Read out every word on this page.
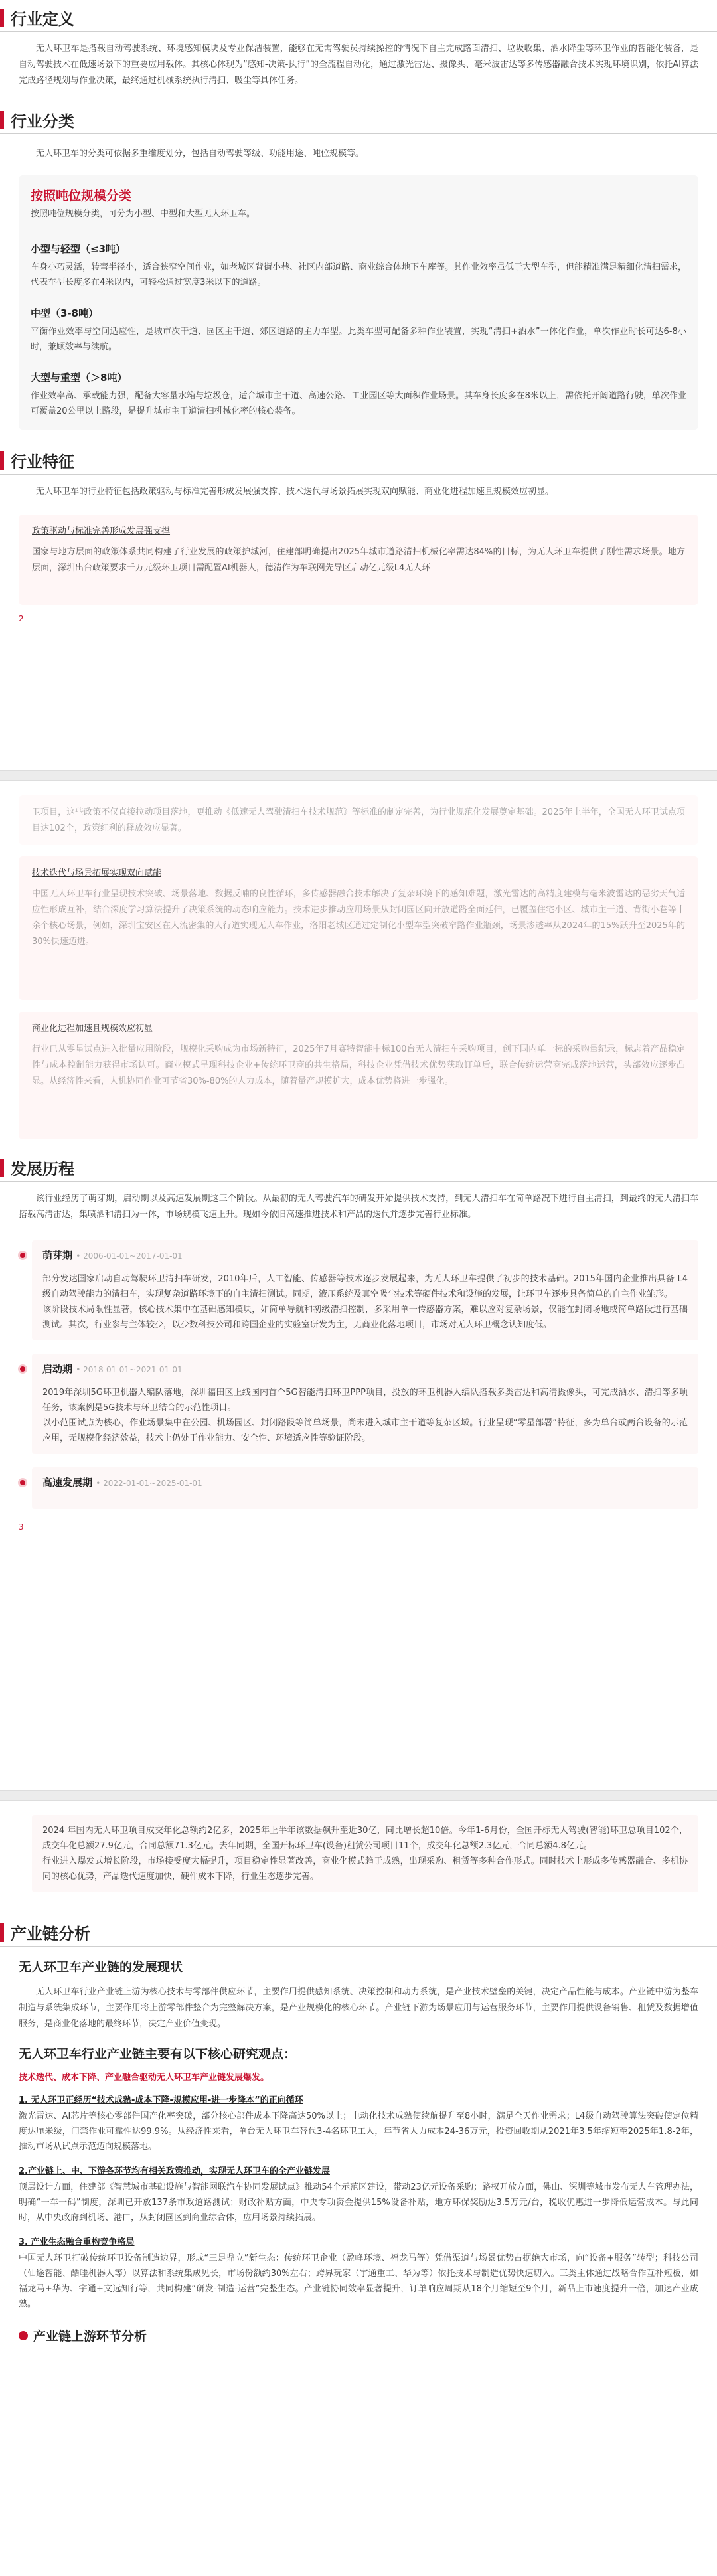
行业定义

无人环卫车是搭载自动驾驶系统、环境感知模块及专业保洁装置，能够在无需驾驶员持续操控的情况下自主完成路面清扫、垃圾收集、洒水降尘等环卫作业的智能化装备，是自动驾驶技术在低速场景下的重要应用载体。其核心体现为“感知-决策-执行”的全流程自动化，通过激光雷达、摄像头、毫米波雷达等多传感器融合技术实现环境识别，依托AI算法完成路径规划与作业决策，最终通过机械系统执行清扫、吸尘等具体任务。

行业分类

无人环卫车的分类可依据多重维度划分，包括自动驾驶等级、功能用途、吨位规模等。

按照吨位规模分类
按照吨位规模分类，可分为小型、中型和大型无人环卫车。
小型与轻型（≤3吨）
车身小巧灵活，转弯半径小，适合狭窄空间作业，如老城区背街小巷、社区内部道路、商业综合体地下车库等。其作业效率虽低于大型车型，但能精准满足精细化清扫需求，代表车型长度多在4米以内，可轻松通过宽度3米以下的道路。
中型（3-8吨）
平衡作业效率与空间适应性，是城市次干道、园区主干道、郊区道路的主力车型。此类车型可配备多种作业装置，实现“清扫+洒水”一体化作业，单次作业时长可达6-8小时，兼顾效率与续航。
大型与重型（＞8吨）
作业效率高、承载能力强，配备大容量水箱与垃圾仓，适合城市主干道、高速公路、工业园区等大面积作业场景。其车身长度多在8米以上，需依托开阔道路行驶，单次作业可覆盖20公里以上路段，是提升城市主干道清扫机械化率的核心装备。
行业特征

无人环卫车的行业特征包括政策驱动与标准完善形成发展强支撑、技术迭代与场景拓展实现双向赋能、商业化进程加速且规模效应初显。

政策驱动与标准完善形成发展强支撑
国家与地方层面的政策体系共同构建了行业发展的政策护城河，住建部明确提出2025年城市道路清扫机械化率需达84%的目标，为无人环卫车提供了刚性需求场景。地方层面，深圳出台政策要求千万元级环卫项目需配置AI机器人，德清作为车联网先导区启动亿元级L4无人环
2
卫项目，这些政策不仅直接拉动项目落地，更推动《低速无人驾驶清扫车技术规范》等标准的制定完善，为行业规范化发展奠定基础。2025年上半年，全国无人环卫试点项目达102个，政策红利的释放效应显著。
技术迭代与场景拓展实现双向赋能
中国无人环卫车行业呈现技术突破、场景落地、数据反哺的良性循环，多传感器融合技术解决了复杂环境下的感知难题，激光雷达的高精度建模与毫米波雷达的恶劣天气适应性形成互补，结合深度学习算法提升了决策系统的动态响应能力。技术进步推动应用场景从封闭园区向开放道路全面延伸，已覆盖住宅小区、城市主干道、背街小巷等十余个核心场景，例如，深圳宝安区在人流密集的人行道实现无人车作业，洛阳老城区通过定制化小型车型突破窄路作业瓶颈，场景渗透率从2024年的15%跃升至2025年的30%快速迈进。
商业化进程加速且规模效应初显
行业已从零星试点进入批量应用阶段，规模化采购成为市场新特征，2025年7月赛特智能中标100台无人清扫车采购项目，创下国内单一标的采购量纪录，标志着产品稳定性与成本控制能力获得市场认可。商业模式呈现科技企业+传统环卫商的共生格局，科技企业凭借技术优势获取订单后，联合传统运营商完成落地运营，头部效应逐步凸显。从经济性来看，人机协同作业可节省30%-80%的人力成本，随着量产规模扩大，成本优势将进一步强化。
发展历程

该行业经历了萌芽期，启动期以及高速发展期这三个阶段。从最初的无人驾驶汽车的研发开始提供技术支持，到无人清扫车在简单路况下进行自主清扫，到最终的无人清扫车搭载高清雷达，集喷洒和清扫为一体，市场规模飞速上升。现如今依旧高速推进技术和产品的迭代并逐步完善行业标准。

萌芽期 • 2006-01-01~2017-01-01
部分发达国家启动自动驾驶环卫清扫车研发，2010年后，人工智能、传感器等技术逐步发展起来，为无人环卫车提供了初步的技术基础。2015年国内企业推出具备 L4 级自动驾驶能力的清扫车，实现复杂道路环境下的自主清扫测试。同期，液压系统及真空吸尘技术等硬件技术和设施的发展，让环卫车逐步具备简单的自主作业雏形。
该阶段技术局限性显著，核心技术集中在基础感知模块，如简单导航和初级清扫控制，多采用单一传感器方案，难以应对复杂场景，仅能在封闭场地或简单路段进行基础测试。其次，行业参与主体较少，以少数科技公司和跨国企业的实验室研发为主，无商业化落地项目，市场对无人环卫概念认知度低。
启动期 • 2018-01-01~2021-01-01
2019年深圳5G环卫机器人编队落地，深圳福田区上线国内首个5G智能清扫环卫PPP项目，投放的环卫机器人编队搭载多类雷达和高清摄像头，可完成洒水、清扫等多项任务，该案例是5G技术与环卫结合的示范性项目。
以小范围试点为核心，作业场景集中在公园、机场园区、封闭路段等简单场景，尚未进入城市主干道等复杂区域。行业呈现“零星部署”特征，多为单台或两台设备的示范应用，无规模化经济效益，技术上仍处于作业能力、安全性、环境适应性等验证阶段。
高速发展期 • 2022-01-01~2025-01-01
3
2024 年国内无人环卫项目成交年化总额约2亿多，2025年上半年该数据飙升至近30亿，同比增长超10倍。今年1-6月份，全国开标无人驾驶(智能)环卫总项目102个，成交年化总额27.9亿元，合同总额71.3亿元。去年同期，全国开标环卫车(设备)租赁公司项目11个，成交年化总额2.3亿元，合同总额4.8亿元。
行业进入爆发式增长阶段，市场接受度大幅提升，项目稳定性显著改善，商业化模式趋于成熟，出现采购、租赁等多种合作形式。同时技术上形成多传感器融合、多机协同的核心优势，产品迭代速度加快，硬件成本下降，行业生态逐步完善。
产业链分析
无人环卫车产业链的发展现状

无人环卫车行业产业链上游为核心技术与零部件供应环节，主要作用提供感知系统、决策控制和动力系统，是产业技术壁垒的关键，决定产品性能与成本。产业链中游为整车制造与系统集成环节，主要作用将上游零部件整合为完整解决方案，是产业规模化的核心环节。产业链下游为场景应用与运营服务环节，主要作用提供设备销售、租赁及数据增值服务，是商业化落地的最终环节，决定产业价值变现。

无人环卫车行业产业链主要有以下核心研究观点：
技术迭代、成本下降、产业融合驱动无人环卫车产业链发展爆发。
1. 无人环卫正经历“技术成熟-成本下降-规模应用-进一步降本”的正向循环
激光雷达、AI芯片等核心零部件国产化率突破，部分核心部件成本下降高达50%以上；电动化技术成熟使续航提升至8小时，满足全天作业需求；L4级自动驾驶算法突破使定位精度达厘米级，门禁作业可靠性达99.9%。从经济性来看，单台无人环卫车替代3-4名环卫工人，年节省人力成本24-36万元，投资回收期从2021年3.5年缩短至2025年1.8-2年，推动市场从试点示范迈向规模落地。
2.产业链上、中、下游各环节均有相关政策推动，实现无人环卫车的全产业链发展
顶层设计方面，住建部《智慧城市基础设施与智能网联汽车协同发展试点》推动54个示范区建设，带动23亿元设备采购；路权开放方面，佛山、深圳等城市发布无人车管理办法，明确“一车一码”制度，深圳已开放137条市政道路测试；财政补贴方面，中央专项资金提供15%设备补贴，地方环保奖励达3.5万元/台，税收优惠进一步降低运营成本。与此同时，从中央政府到机场、港口，从封闭园区到商业综合体，应用场景持续拓展。
3. 产业生态融合重构竞争格局
中国无人环卫打破传统环卫设备制造边界，形成“三足鼎立”新生态：传统环卫企业（盈峰环境、福龙马等）凭借渠道与场景优势占据绝大市场，向“设备+服务”转型；科技公司（仙途智能、酷哇机器人等）以算法和系统集成见长，市场份额约30%左右；跨界玩家（宇通重工、华为等）依托技术与制造优势快速切入。三类主体通过战略合作互补短板，如福龙马+华为、宇通+文远知行等，共同构建“研发-制造-运营”完整生态。产业链协同效率显著提升，订单响应周期从18个月缩短至9个月，新品上市速度提升一倍，加速产业成熟。
产业链上游环节分析
